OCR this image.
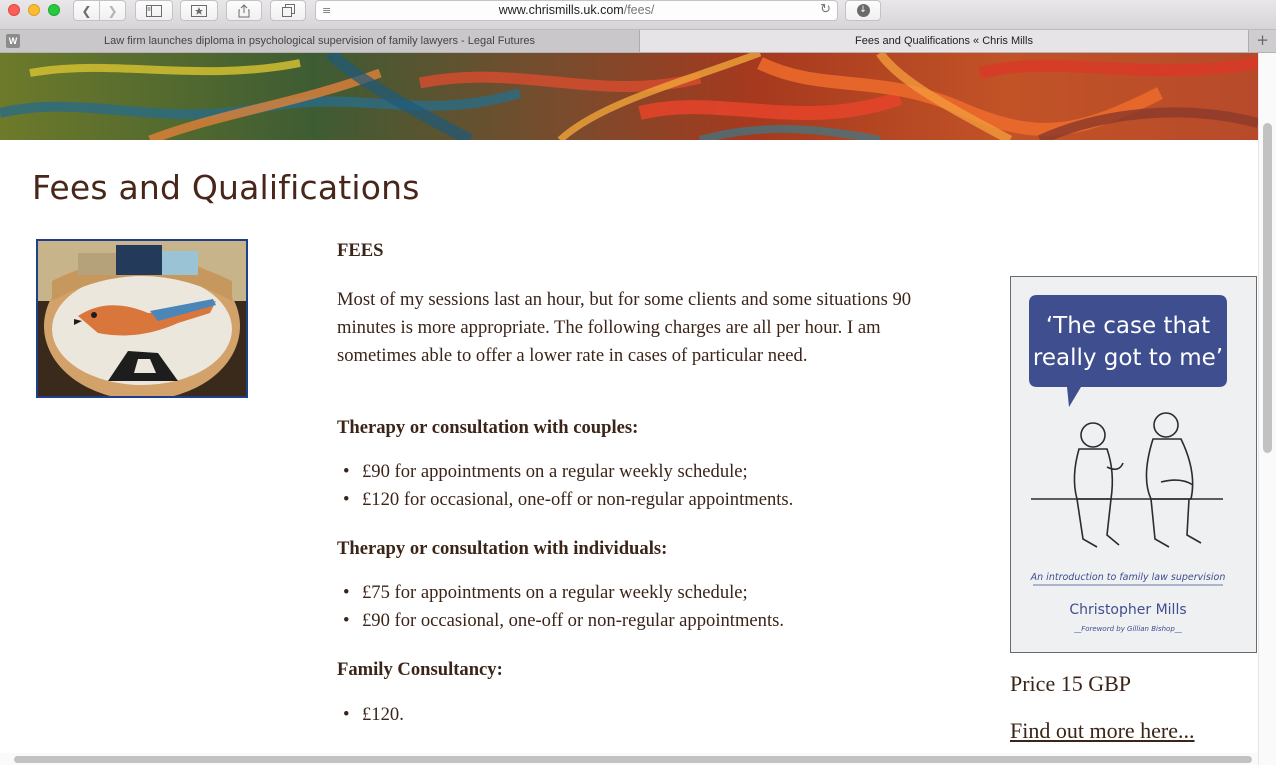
❮ ❯	≡	www.chrismills.uk.com/fees/	↻	↓
W	Law firm launches diploma in psychological supervision of family lawyers - Legal Futures	Fees and Qualifications « Chris Mills	+
Fees and Qualifications

FEES

Most of my sessions last an hour, but for some clients and some situations 90 minutes is more appropriate. The following charges are all per hour. I am sometimes able to offer a lower rate in cases of particular need.

Therapy or consultation with couples:

• £90 for appointments on a regular weekly schedule;
• £120 for occasional, one-off or non-regular appointments.

Therapy or consultation with individuals:

• £75 for appointments on a regular weekly schedule;
• £90 for occasional, one-off or non-regular appointments.

Family Consultancy:

• £120.
‘The case that
really got to me’
An introduction to family law supervision
Christopher Mills
__Foreword by Gillian Bishop__
Price 15 GBP
Find out more here...
